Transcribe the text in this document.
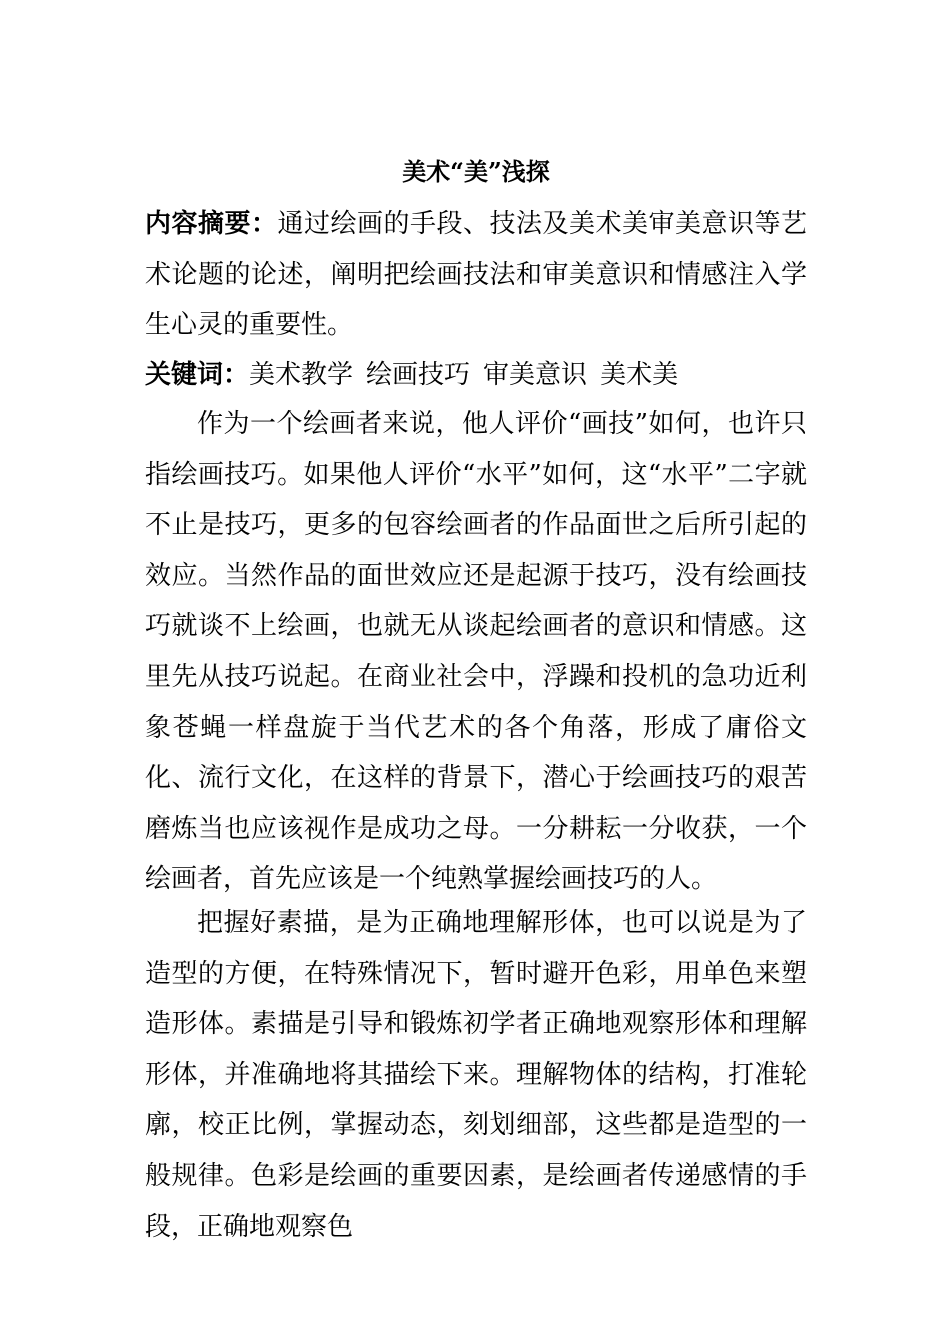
美术“美”浅探
内容摘要：通过绘画的手段、技法及美术美审美意识等艺术论题的论述，阐明把绘画技法和审美意识和情感注入学生心灵的重要性。
关键词：美术教学 绘画技巧 审美意识 美术美
作为一个绘画者来说，他人评价“画技”如何，也许只指绘画技巧。如果他人评价“水平”如何，这“水平”二字就不止是技巧，更多的包容绘画者的作品面世之后所引起的效应。当然作品的面世效应还是起源于技巧，没有绘画技巧就谈不上绘画，也就无从谈起绘画者的意识和情感。这里先从技巧说起。在商业社会中，浮躁和投机的急功近利象苍蝇一样盘旋于当代艺术的各个角落，形成了庸俗文化、流行文化，在这样的背景下，潜心于绘画技巧的艰苦磨炼当也应该视作是成功之母。一分耕耘一分收获，一个绘画者，首先应该是一个纯熟掌握绘画技巧的人。
把握好素描，是为正确地理解形体，也可以说是为了造型的方便，在特殊情况下，暂时避开色彩，用单色来塑造形体。素描是引导和锻炼初学者正确地观察形体和理解形体，并准确地将其描绘下来。理解物体的结构，打准轮廓，校正比例，掌握动态，刻划细部，这些都是造型的一般规律。色彩是绘画的重要因素，是绘画者传递感情的手段，正确地观察色
